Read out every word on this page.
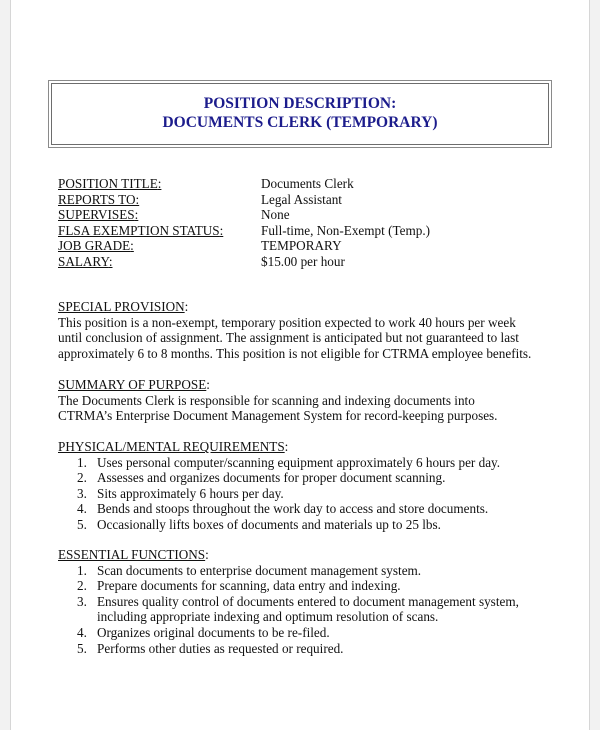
POSITION DESCRIPTION:
DOCUMENTS CLERK (TEMPORARY)
POSITION TITLE:	Documents Clerk
REPORTS TO:	Legal Assistant
SUPERVISES:	None
FLSA EXEMPTION STATUS:	Full-time, Non-Exempt (Temp.)
JOB GRADE:	TEMPORARY
SALARY:	$15.00 per hour
SPECIAL PROVISION:
This position is a non-exempt, temporary position expected to work 40 hours per week
until conclusion of assignment. The assignment is anticipated but not guaranteed to last
approximately 6 to 8 months. This position is not eligible for CTRMA employee benefits.
SUMMARY OF PURPOSE:
The Documents Clerk is responsible for scanning and indexing documents into
CTRMA’s Enterprise Document Management System for record-keeping purposes.
PHYSICAL/MENTAL REQUIREMENTS:
1. Uses personal computer/scanning equipment approximately 6 hours per day.
2. Assesses and organizes documents for proper document scanning.
3. Sits approximately 6 hours per day.
4. Bends and stoops throughout the work day to access and store documents.
5. Occasionally lifts boxes of documents and materials up to 25 lbs.
ESSENTIAL FUNCTIONS:
1. Scan documents to enterprise document management system.
2. Prepare documents for scanning, data entry and indexing.
3. Ensures quality control of documents entered to document management system,
including appropriate indexing and optimum resolution of scans.
4. Organizes original documents to be re-filed.
5. Performs other duties as requested or required.
